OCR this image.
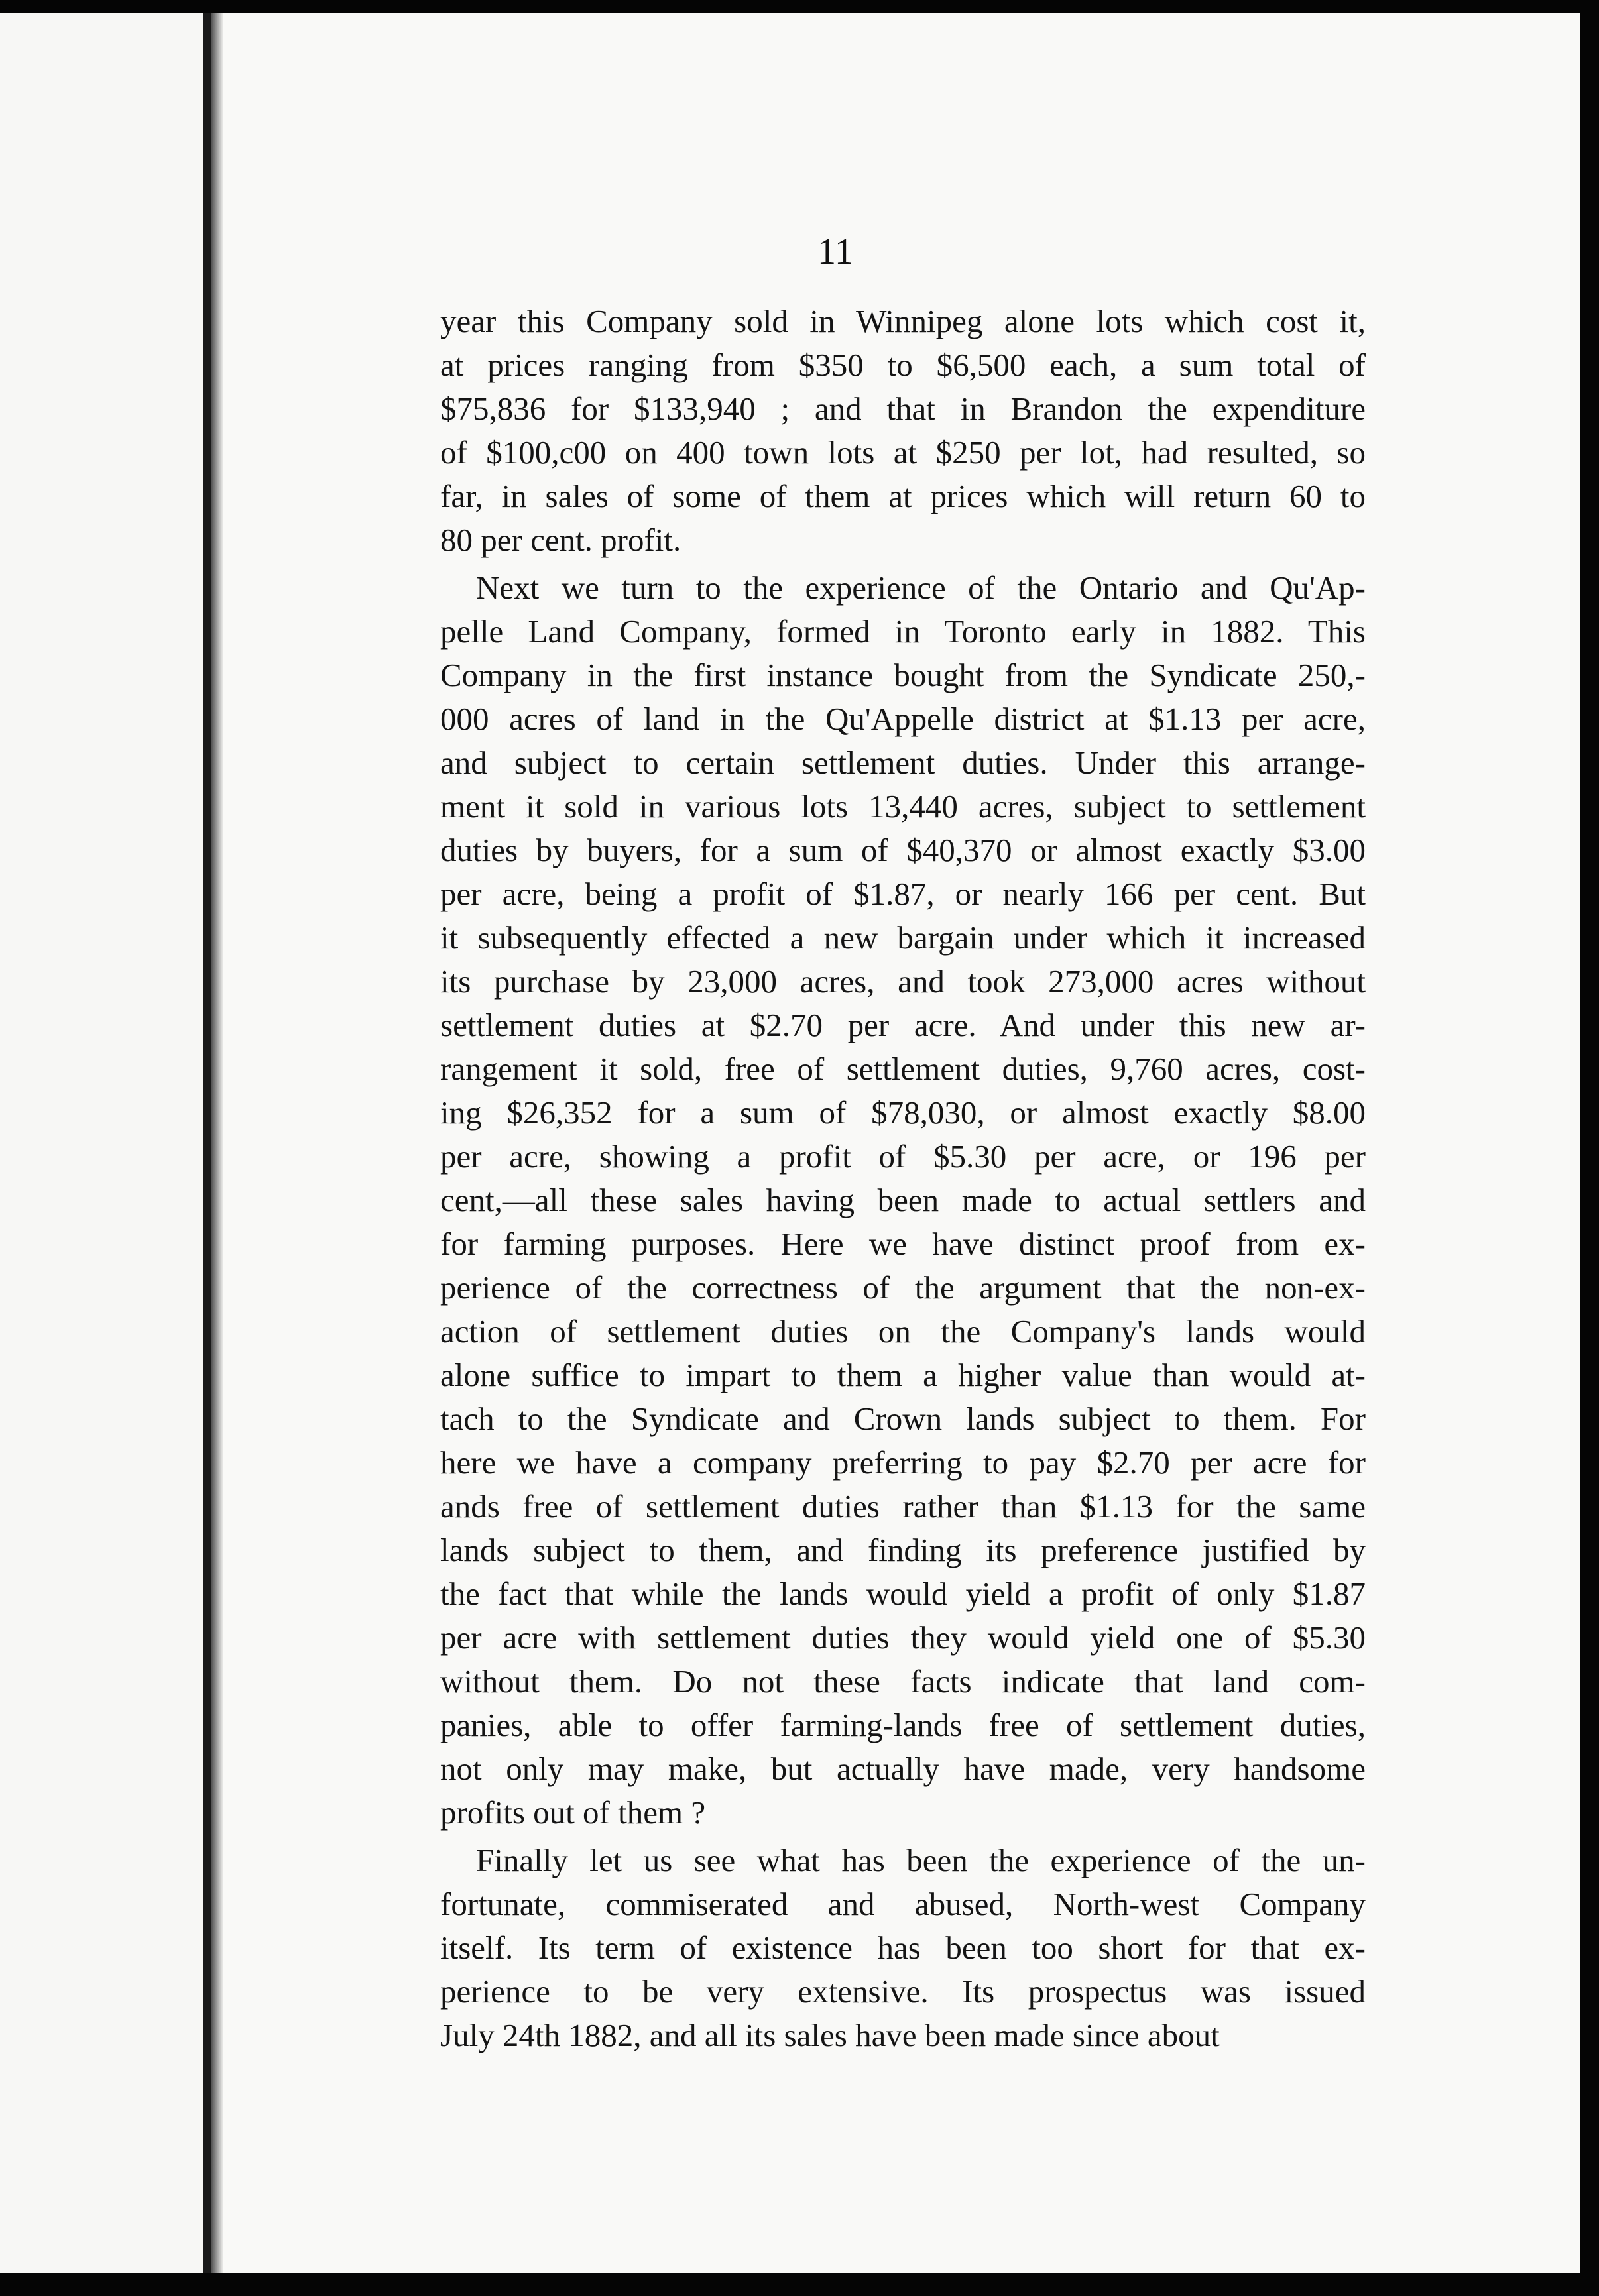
11
year this Company sold in Winnipeg alone lots which cost it,
at prices ranging from $350 to $6,500 each, a sum total of
$75,836 for $133,940 ; and that in Brandon the expenditure
of $100,c00 on 400 town lots at $250 per lot, had resulted, so
far, in sales of some of them at prices which will return 60 to
80 per cent. profit.
Next we turn to the experience of the Ontario and Qu'Ap-
pelle Land Company, formed in Toronto early in 1882. This
Company in the first instance bought from the Syndicate 250,-
000 acres of land in the Qu'Appelle district at $1.13 per acre,
and subject to certain settlement duties. Under this arrange-
ment it sold in various lots 13,440 acres, subject to settlement
duties by buyers, for a sum of $40,370 or almost exactly $3.00
per acre, being a profit of $1.87, or nearly 166 per cent. But
it subsequently effected a new bargain under which it increased
its purchase by 23,000 acres, and took 273,000 acres without
settlement duties at $2.70 per acre. And under this new ar-
rangement it sold, free of settlement duties, 9,760 acres, cost-
ing $26,352 for a sum of $78,030, or almost exactly $8.00
per acre, showing a profit of $5.30 per acre, or 196 per
cent,—all these sales having been made to actual settlers and
for farming purposes. Here we have distinct proof from ex-
perience of the correctness of the argument that the non-ex-
action of settlement duties on the Company's lands would
alone suffice to impart to them a higher value than would at-
tach to the Syndicate and Crown lands subject to them. For
here we have a company preferring to pay $2.70 per acre for
ands free of settlement duties rather than $1.13 for the same
lands subject to them, and finding its preference justified by
the fact that while the lands would yield a profit of only $1.87
per acre with settlement duties they would yield one of $5.30
without them. Do not these facts indicate that land com-
panies, able to offer farming-lands free of settlement duties,
not only may make, but actually have made, very handsome
profits out of them ?
Finally let us see what has been the experience of the un-
fortunate, commiserated and abused, North-west Company
itself. Its term of existence has been too short for that ex-
perience to be very extensive. Its prospectus was issued
July 24th 1882, and all its sales have been made since about
